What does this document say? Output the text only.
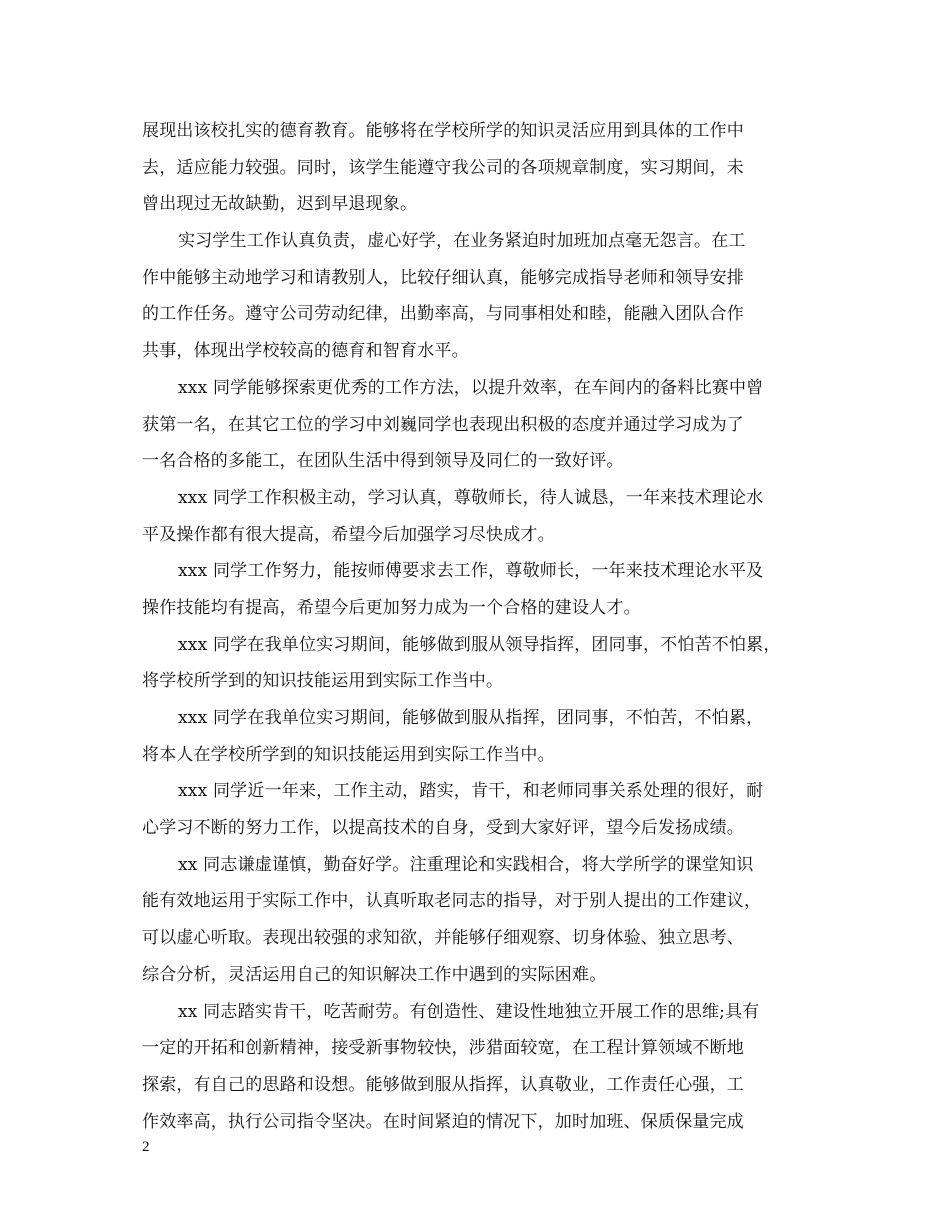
展现出该校扎实的德育教育。能够将在学校所学的知识灵活应用到具体的工作中
去，适应能力较强。同时，该学生能遵守我公司的各项规章制度，实习期间，未
曾出现过无故缺勤，迟到早退现象。
实习学生工作认真负责，虚心好学，在业务紧迫时加班加点毫无怨言。在工
作中能够主动地学习和请教别人，比较仔细认真，能够完成指导老师和领导安排
的工作任务。遵守公司劳动纪律，出勤率高，与同事相处和睦，能融入团队合作
共事，体现出学校较高的德育和智育水平。
xxx 同学能够探索更优秀的工作方法，以提升效率，在车间内的备料比赛中曾
获第一名，在其它工位的学习中刘巍同学也表现出积极的态度并通过学习成为了
一名合格的多能工，在团队生活中得到领导及同仁的一致好评。
xxx 同学工作积极主动，学习认真，尊敬师长，待人诚恳，一年来技术理论水
平及操作都有很大提高，希望今后加强学习尽快成才。
xxx 同学工作努力，能按师傅要求去工作，尊敬师长，一年来技术理论水平及
操作技能均有提高，希望今后更加努力成为一个合格的建设人才。
xxx 同学在我单位实习期间，能够做到服从领导指挥，团同事，不怕苦不怕累，
将学校所学到的知识技能运用到实际工作当中。
xxx 同学在我单位实习期间，能够做到服从指挥，团同事，不怕苦，不怕累，
将本人在学校所学到的知识技能运用到实际工作当中。
xxx 同学近一年来，工作主动，踏实，肯干，和老师同事关系处理的很好，耐
心学习不断的努力工作，以提高技术的自身，受到大家好评，望今后发扬成绩。
xx 同志谦虚谨慎，勤奋好学。注重理论和实践相合，将大学所学的课堂知识
能有效地运用于实际工作中，认真听取老同志的指导，对于别人提出的工作建议，
可以虚心听取。表现出较强的求知欲，并能够仔细观察、切身体验、独立思考、
综合分析，灵活运用自己的知识解决工作中遇到的实际困难。
xx 同志踏实肯干，吃苦耐劳。有创造性、建设性地独立开展工作的思维;具有
一定的开拓和创新精神，接受新事物较快，涉猎面较宽，在工程计算领域不断地
探索，有自己的思路和设想。能够做到服从指挥，认真敬业，工作责任心强，工
作效率高，执行公司指令坚决。在时间紧迫的情况下，加时加班、保质保量完成
2
